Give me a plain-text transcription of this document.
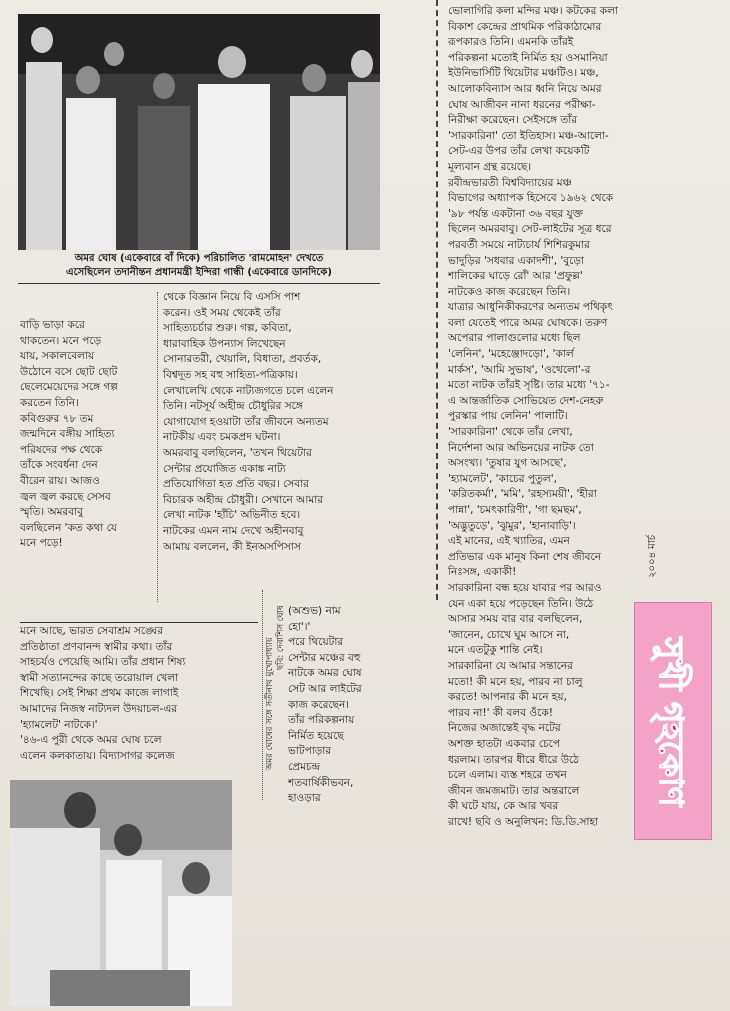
অমর ঘোষ (একেবারে বাঁ দিকে) পরিচালিত 'রামমোহন' দেখতে
এসেছিলেন তদানীন্তন প্রধানমন্ত্রী ইন্দিরা গান্ধী (একেবারে ডানদিকে)
বাড়ি ভাড়া করে
থাকতেন। মনে পড়ে
যায়, সকালবেলায়
উঠোনে বসে ছোট ছোট
ছেলেমেয়েদের সঙ্গে গল্প
করতেন তিনি।
কবিগুরুর ৭৮ তম
জন্মদিনে বঙ্গীয় সাহিত্য
পরিষদের পক্ষ থেকে
তাঁকে সংবর্ধনা দেন
বীরেন রায়। আজও
জ্বল জ্বল করছে সেসব
স্মৃতি। অমরবাবু
বলছিলেন 'কত কথা যে
মনে পড়ে!
থেকে বিজ্ঞান নিয়ে বি এসসি পাশ
করেন। ওই সময় থেকেই তাঁর
সাহিত্যচর্চার শুরু। গল্প, কবিতা,
ধারাবাহিক উপন্যাস লিখেছেন
সোনারতরী, খেয়ালি, বিধাতা, প্রবর্তক,
বিশ্বদূত সহ বহু সাহিত্য-পত্রিকায়।
লেখালেখি থেকে নাট্যজগতে চলে এলেন
তিনি। নটসূর্য অহীন্দ্র চৌধুরির সঙ্গে
যোগাযোগ হওয়াটা তাঁর জীবনে অন্যতম
নাটকীয় এবং চমকপ্রদ ঘটনা।
অমরবাবু বলছিলেন, 'তখন থিয়েটার
সেন্টার প্রযোজিত একাঙ্ক নাট্য
প্রতিযোগিতা হত প্রতি বছর। সেবার
বিচারক অহীন্দ্র চৌধুরী। সেখানে আমার
লেখা নাটক 'হাঁচি' অভিনীত হবে।
নাটকের এমন নাম দেখে অহীনবাবু
আমায় বললেন, কী ইনঅসপিসাস
মনে আছে, ভারত সেবাশ্রম সঙ্ঘের
প্রতিষ্ঠাতা প্রণবানন্দ স্বামীর কথা। তাঁর
সাহচর্যও পেয়েছি আমি। তাঁর প্রধান শিষ্য
স্বামী সত্যানন্দের কাছে তরোয়াল খেলা
শিখেছি। সেই শিক্ষা প্রথম কাজে লাগাই
আমাদের নিজস্ব নাট্যদল উদয়াচল-এর
'হ্যামলেট' নাটকে।'
'৪৬-এ পুরী থেকে অমর ঘোষ চলে
এলেন কলকাতায়। বিদ্যাসাগর কলেজ	অমর ঘোষের সঙ্গে সতীনাথ মুখোপাধ্যায় ছবি: দেবাশিস ঘোষ (অশুভ) নাম
হো'।'
পরে থিয়েটার
সেন্টার মঞ্চের বহু
নাটকে অমর ঘোষ
সেট আর লাইটের
কাজ করেছেন।
তাঁর পরিকল্পনায়
নির্মিত হয়েছে
ভাটপাড়ার
প্রেমচন্দ্র
শতবার্ষিকীভবন,
হাওড়ার
ভোলাগিরি কলা মন্দির মঞ্চ। কটকের কলা
বিকাশ কেন্দ্রের প্রাথমিক পরিকাঠামোর
রূপকারও তিনি। এমনকি তাঁরই
পরিকল্পনা মতোই নির্মিত হয় ওসমানিয়া
ইউনিভার্সিটি থিয়েটার মঞ্চটিও। মঞ্চ,
আলোকবিন্যাস আর ধ্বনি নিয়ে অমর
ঘোষ আজীবন নানা ধরনের পরীক্ষা-
নিরীক্ষা করেছেন। সেইসঙ্গে তাঁর
'সারকারিনা' তো ইতিহাস। মঞ্চ-আলো-
সেট-এর উপর তাঁর লেখা কয়েকটি
মূল্যবান গ্রন্থ রয়েছে।
রবীন্দ্রভারতী বিশ্ববিদ্যায়ের মঞ্চ
বিভাগের অধ্যাপক হিসেবে ১৯৬২ থেকে
'৯৮ পর্যন্ত একটানা ৩৬ বছর যুক্ত
ছিলেন অমরবাবু। সেট-লাইটের সূত্র ধরে
পরবর্তী সময়ে নাট্যচার্য শিশিরকুমার
ভাদুড়ির 'সধবার একাদশী', 'বুড়ো
শালিকের ঘাড়ে রোঁ' আর 'প্রফুল্ল'
নাটকেও কাজ করেছেন তিনি।
যাত্রার আধুনিকীকরণের অন্যতম পথিকৃৎ
বলা যেতেই পারে অমর ঘোষকে। তরুণ
অপেরার পালাগুলোর মধ্যে ছিল
'লেনিন', 'মহেঞ্জোদড়ো', 'কার্ল
মার্কস', 'আমি সুভাষ', 'ওথেলো'-র
মতো নাটক তাঁরই সৃষ্টি। তার মধ্যে '৭১-
এ আন্তর্জাতিক সোভিয়েত দেশ-নেহরু
পুরস্কার পায় লেনিন' পালাটি।
'সারকারিনা' থেকে তাঁর লেখা,
নির্দেশনা আর অভিনয়ের নাটক তো
অসংখ্য। 'তুষার যুগ আসছে',
'হ্যামলেট', 'কাচের পুতুল',
'করিতকর্মা', 'মমি', 'রহস্যময়ী', 'হীরা
পান্না', 'চমৎকারিণী', 'গা ছমছম',
'অদ্ভুতুড়ে', 'ঝুমুর', 'হানাবাড়ি'।
এই মানের, এই খ্যাতির, এমন
প্রতিভার এক মানুষ কিনা শেষ জীবনে
নিঃসঙ্গ, একাকী!
সারকারিনা বন্ধ হয়ে যাবার পর আরও
যেন একা হয়ে পড়েছেন তিনি। উঠে
আসার সময় বার বার বলছিলেন,
'জানেন, চোখে ঘুম আসে না,
মনে এতটুকু শান্তি নেই।
সারকারিনা যে আমার সন্তানের
মতো! কী মনে হয়, পারব না চালু
করতে! আপনার কী মনে হয়,
পারব না!' কী বলব ওঁকে!
নিজের অজান্তেই বৃদ্ধ নটের
অশক্ত হাতটা একবার চেপে
ধরলাম। তারপর ধীরে ধীরে উঠে
চলে এলাম। ব্যস্ত শহরে তখন
জীবন জমজমাট। তার অন্তরালে
কী ঘটে যায়, কে আর খবর
রাখে! ছবি ও অনুলিখন: ডি.ডি.সাহা
২০০৪ মার্চ
সুখী গৃহকোণ
